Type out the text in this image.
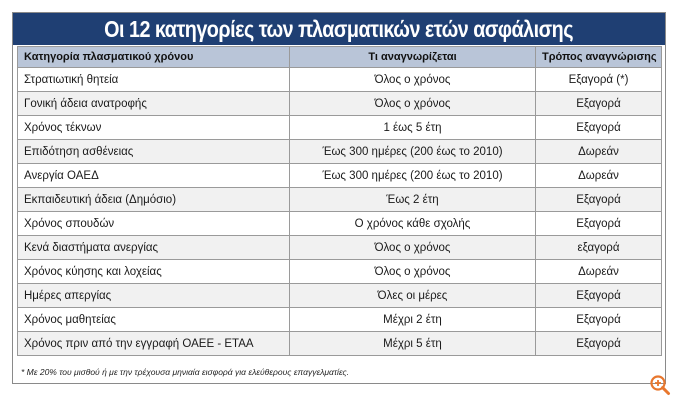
Οι 12 κατηγορίες των πλασματικών ετών ασφάλισης
Κατηγορία πλασματικού χρόνου	Τι αναγνωρίζεται	Τρόπος αναγνώρισης
Στρατιωτική θητεία	Όλος ο χρόνος	Εξαγορά (*)
Γονική άδεια ανατροφής	Όλος ο χρόνος	Εξαγορά
Χρόνος τέκνων	1 έως 5 έτη	Εξαγορά
Επιδότηση ασθένειας	Έως 300 ημέρες (200 έως το 2010)	Δωρεάν
Ανεργία ΟΑΕΔ	Έως 300 ημέρες (200 έως το 2010)	Δωρεάν
Εκπαιδευτική άδεια (Δημόσιο)	Έως 2 έτη	Εξαγορά
Χρόνος σπουδών	Ο χρόνος κάθε σχολής	Εξαγορά
Κενά διαστήματα ανεργίας	Όλος ο χρόνος	εξαγορά
Χρόνος κύησης και λοχείας	Όλος ο χρόνος	Δωρεάν
Ημέρες απεργίας	Όλες οι μέρες	Εξαγορά
Χρόνος μαθητείας	Μέχρι 2 έτη	Εξαγορά
Χρόνος πριν από την εγγραφή ΟΑΕΕ - ΕΤΑΑ	Μέχρι 5 έτη	Εξαγορά
* Με 20% του μισθού ή με την τρέχουσα μηνιαία εισφορά για ελεύθερους επαγγελματίες.
